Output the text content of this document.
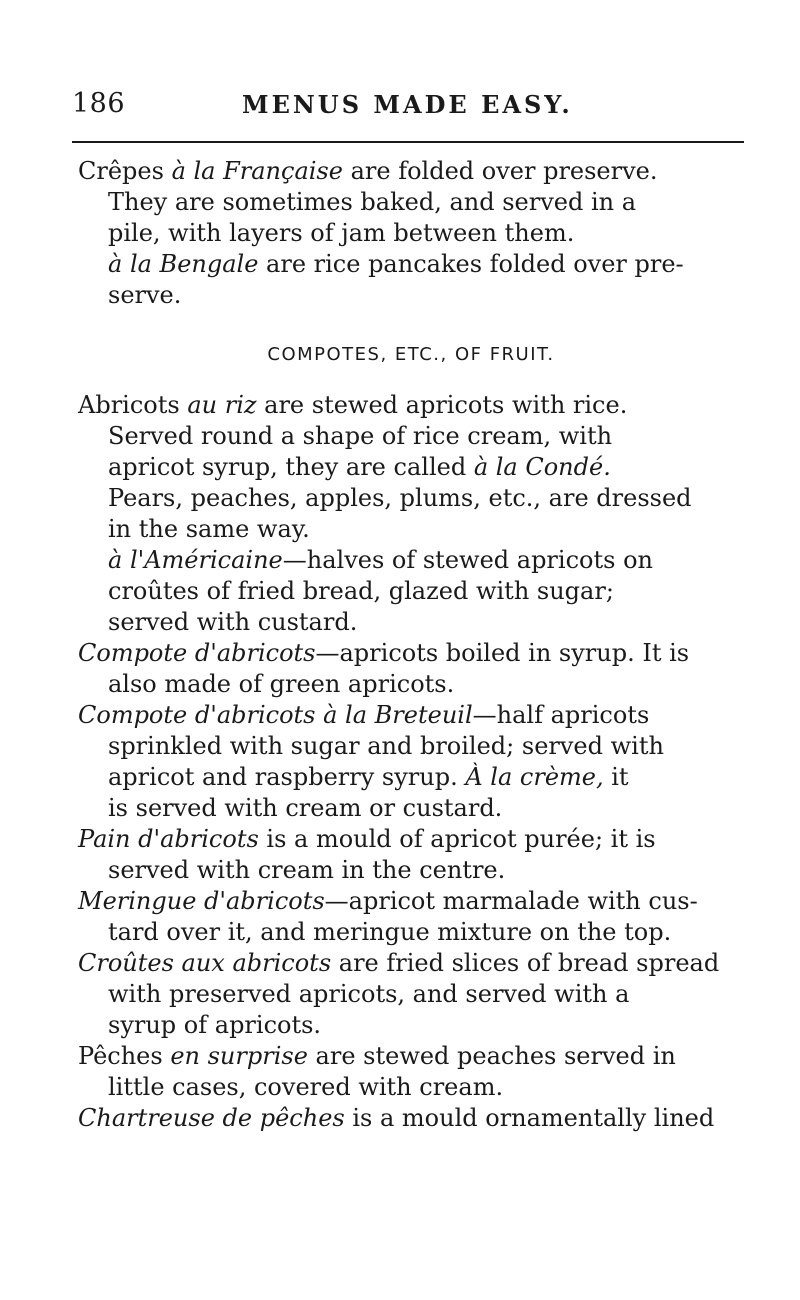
186	MENUS MADE EASY.

Crêpes à la Française are folded over preserve.
They are sometimes baked, and served in a
pile, with layers of jam between them.

à la Bengale are rice pancakes folded over pre-
serve.

COMPOTES, ETC., OF FRUIT.

Abricots au riz are stewed apricots with rice.
Served round a shape of rice cream, with
apricot syrup, they are called à la Condé.
Pears, peaches, apples, plums, etc., are dressed
in the same way.

à l'Américaine—halves of stewed apricots on
croûtes of fried bread, glazed with sugar;
served with custard.

Compote d'abricots—apricots boiled in syrup. It is
also made of green apricots.

Compote d'abricots à la Breteuil—half apricots
sprinkled with sugar and broiled; served with
apricot and raspberry syrup. À la crème, it
is served with cream or custard.

Pain d'abricots is a mould of apricot purée; it is
served with cream in the centre.

Meringue d'abricots—apricot marmalade with cus-
tard over it, and meringue mixture on the top.

Croûtes aux abricots are fried slices of bread spread
with preserved apricots, and served with a
syrup of apricots.

Pêches en surprise are stewed peaches served in
little cases, covered with cream.

Chartreuse de pêches is a mould ornamentally lined
